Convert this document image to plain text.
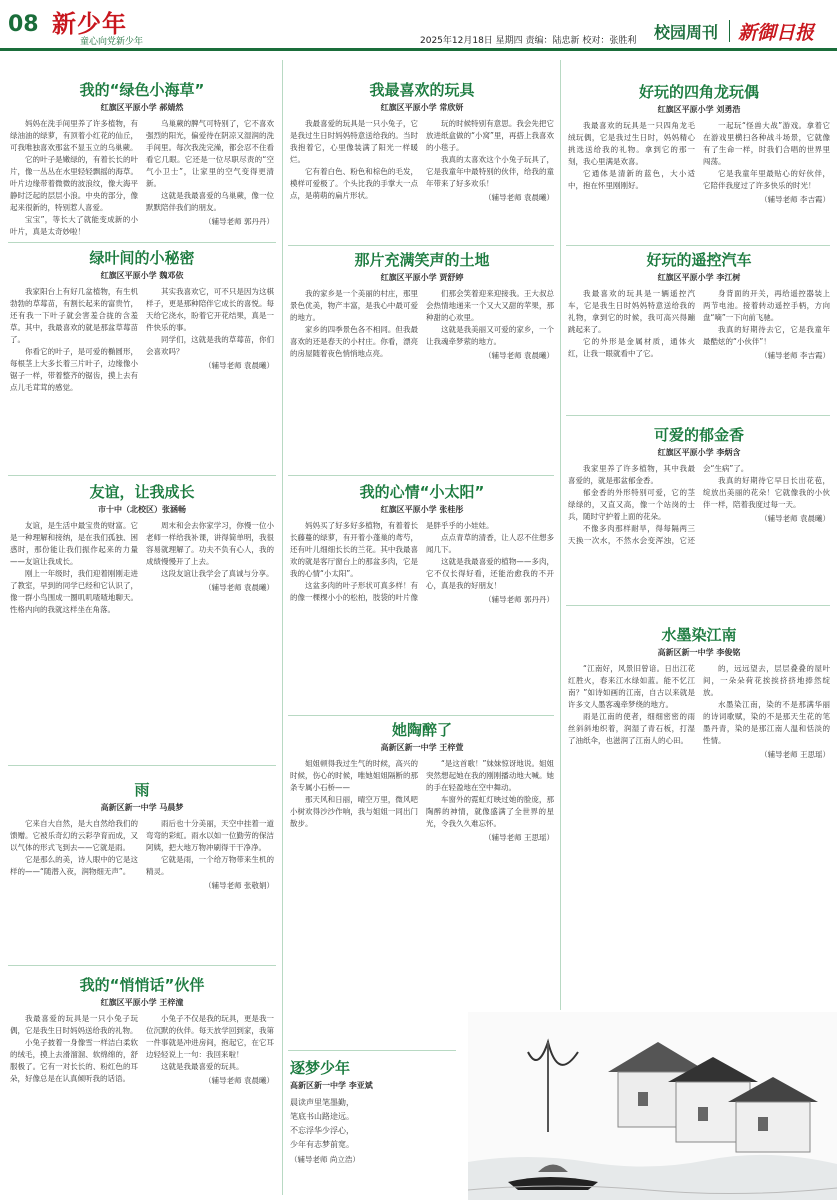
08 新少年
童心向党新少年	2025年12月18日 星期四 责编：陆忠新 校对：张胜利 校园周刊 新御日报

我的“绿色小海草”

红旗区平原小学 郝婧然

妈妈在洗手间里养了许多植物，有绿油油的绿萝，有顶着小红花的仙丘，可我唯独喜欢那盆不显玉立的乌巢蕨。

它的叶子是嫩绿的，有着长长的叶片，像一丛丛在水里轻轻飘摇的海草。叶片边缘带着微微的波浪纹，像大海平静时泛起的层层小浪。中央的部分，像起来很新的，特别惹人喜爱。

宝宝”，等长大了就能变成新的小叶片，真是太奇妙啦！

乌巢蕨的脾气可特别了，它不喜欢强烈的阳光，偏爱待在阴凉又湿润的洗手间里。每次我洗完澡，都会忍不住看看它几眼。它还是一位尽职尽责的“空气小卫士”，让家里的空气变得更清新。

这就是我最喜爱的乌巢蕨，像一位默默陪伴我们的朋友。

（辅导老师 郭丹丹）

绿叶间的小秘密

红旗区平原小学 魏邓依

我家阳台上有好几盆植物，有生机勃勃的草莓苗，有割长起来的富贵竹，还有我一下叶子就会害羞合拢的含羞草。其中，我最喜欢的就是那盆草莓苗了。

你看它的叶子，是可爱的椭圆形，每根茎上大多长着三片叶子，边缘像小锯子一样，带着整齐的锯齿，摸上去有点儿毛茸茸的感觉。

其实我喜欢它，可不只是因为这棋样子，更是那种陪伴它成长的喜悦。每天给它浇水，盼着它开花结果，真是一件快乐的事。

同学们，这就是我的草莓苗，你们会喜欢吗？

（辅导老师 袁晨曦）

友谊，让我成长

市十中（北校区）张涵畅

友谊，是生活中最宝贵的财富。它是一种理解和接纳，是在我们孤独、困惑时，那份能让我们振作起来的力量——友谊让我成长。

刚上一年级时，我们迎着刚刚走进了教室，早到的同学已经和它认识了，像一群小鸟围成一圈叽叽喳喳地聊天。性格内向的我就这样坐在角落。

周末和会去你家学习，你慢一位小老师一样给我补课，讲得简单明，我很容易就理解了。功夫不负有心人，我的成绩慢慢开了上去。

这段友谊让我学会了真诚与分享。

（辅导老师 袁晨曦）

雨

高新区新一中学 马晨梦

它来自大自然，是大自然给我们的馈赠。它被乐奇幻的云彩孕育而成，又以气体的形式飞到去——它就是雨。

它是那么的美，诗人眼中的它是这样的——“随潜入夜，润物细无声”。

雨后也十分美丽，天空中挂着一道弯弯的彩虹。雨水以如一位勤劳的保洁阿姨，把大地万物冲刷得干干净净。

它就是雨，一个给万物带来生机的精灵。

（辅导老师 张敬娟）

我的“悄悄话”伙伴

红旗区平原小学 王梓潼

我最喜爱的玩具是一只小兔子玩偶，它是我生日时妈妈送给我的礼物。

小兔子披着一身像雪一样洁白柔软的绒毛，摸上去滑溜溜、软绵绵的，舒服极了。它有一对长长的、粉红色的耳朵，好像总是在认真倾听我的话语。

小兔子不仅是我的玩具，更是我一位沉默的伙伴。每天放学回到家，我第一件事就是冲进房间，抱起它，在它耳边轻轻说上一句：我回来啦！

这就是我最喜爱的玩具。

（辅导老师 袁晨曦）

我最喜欢的玩具

红旗区平原小学 常欣妍

我最喜爱的玩具是一只小兔子，它是我过生日时妈妈特意送给我的。当时我抱着它，心里像装满了阳光一样暖烂。

它有着白色、粉色和棕色的毛发，模样可爱极了。个头比我的手掌大一点点，是萌萌的扁片形状。

玩的时候特别有意思。我会先把它放进纸盒做的“小窝”里，再搭上我喜欢的小毯子。

我真的太喜欢这个小兔子玩具了，它是我童年中最特别的伙伴，给我的童年带来了好多欢乐！

（辅导老师 袁晨曦）

那片充满笑声的土地

红旗区平原小学 贾舒婷

我的家乡是一个美丽的村庄，那里景色优美，物产丰富，是我心中最可爱的地方。

家乡的四季景色各不相同。但我最喜欢的还是春天的小村庄。你看，漂亮的房屋随着夜色悄悄地点亮。

们那会笑着迎来迎接我。王大叔总会热情地递来一个又大又甜的苹果，那种甜的心欢里。

这就是我美丽又可爱的家乡，一个让我魂牵梦萦的地方。

（辅导老师 袁晨曦）

我的心情“小太阳”

红旗区平原小学 张桂彤

妈妈买了好多好多植物，有着着长长藤蔓的绿萝，有开着小蓬巢的鸢芍，还有叶儿细细长长的兰花。其中我最喜欢的就是客厅窗台上的那盆多肉，它是我的心情“小太阳”。

这盆多肉的叶子形状可真多样！有的像一棵棵小小的松柏，肢袋的叶片像是胖乎乎的小娃娃。

点点青草的清香，让人忍不住想多闻几下。

这就是我最喜爱的植物——多肉，它不仅长得好看，还能治愈我的不开心，真是我的好朋友！

（辅导老师 郭丹丹）

她陶醉了

高新区新一中学 王梓萱

姐姐顿得我过生气的时候，高兴的时候，伤心的时候，唯她姐姐隔断的那条专属小石桥——

那天风和日丽，晴空万里，微风吧小树欢得沙沙作响，我与姐姐一同出门散步。

“是这首歌！”妹妹惊讶地说。姐姐突然想起她在我的刚刚播动地大喊。她的手在轻盈地在空中舞动。

车窗外的霓虹灯映过她的脸庞，那陶醉的神情，就像盛满了全世界的星光，令我久久难忘怀。

（辅导老师 王思瑶）

逐梦少年

高新区新一中学 李亚斌

晨读声里笔墨勤，

笔底书山路途远。

不忘浮华少浮心，

少年有志梦前宽。

（辅导老师 尚立浩）

好玩的四角龙玩偶

红旗区平原小学 刘勇浩

我最喜欢的玩具是一只四角龙毛绒玩偶，它是我过生日时，妈妈精心挑选送给我的礼物。拿到它的那一刻，我心里满是欢喜。

它通体是清新的蓝色，大小适中，抱在怀里刚刚好。

一起玩“怪兽大战”游戏。拿着它在游戏里横扫各种战斗场景，它就像有了生命一样，时我们合唱的世界里闯荡。

它是我童年里最贴心的好伙伴，它陪伴我度过了许多快乐的时光！

（辅导老师 李吉霞）

好玩的遥控汽车

红旗区平原小学 李江树

我最喜欢的玩具是一辆遥控汽车，它是我生日时妈妈特意送给我的礼物，拿到它的时候，我可高兴得蹦跳起来了。

它的外形是金属材质，通体火红，让我一眼就看中了它。

身背面的开关，再给遥控器装上两节电池。接着转动遥控手柄，方向盘“嘀”一下向前飞驰。

我真的好期待去它，它是我童年最酷炫的“小伙伴”！

（辅导老师 李吉霞）

可爱的郁金香

红旗区平原小学 李炳含

我家里养了许多植物，其中我最喜爱的，就是那盆郁金香。

郁金香的外形特别可爱，它的茎绿绿的，又直又高，像一个站岗的士兵，随时守护着上面的花朵。

不像多肉那样耐旱，得每隔两三天换一次水，不然水会变浑浊，它还会“生病”了。

我真的好期待它早日长出花苞，绽放出美丽的花朵！它就像我的小伙伴一样，陪着我度过每一天。

（辅导老师 袁晨曦）

水墨染江南

高新区新一中学 李俊铭

“江南好，风景旧曾谙。日出江花红胜火，春来江水绿如蓝。能不忆江南？”如诗如画的江南，自古以来就是许多文人墨客魂牵梦绕的地方。

雨是江南的使者，细细密密的雨丝斜斜地织着，润湿了青石板，打湿了油纸伞，也滋润了江南人的心田。

的，远远望去，层层叠叠的屋叶间，一朵朵荷花挨挨挤挤地捧然绽放。

水墨染江南，染的不是那满华丽的诗词歌赋，染的不是那天生花的笔墨丹青，染的是那江南人温和恬淡的性情。

（辅导老师 王思瑶）
